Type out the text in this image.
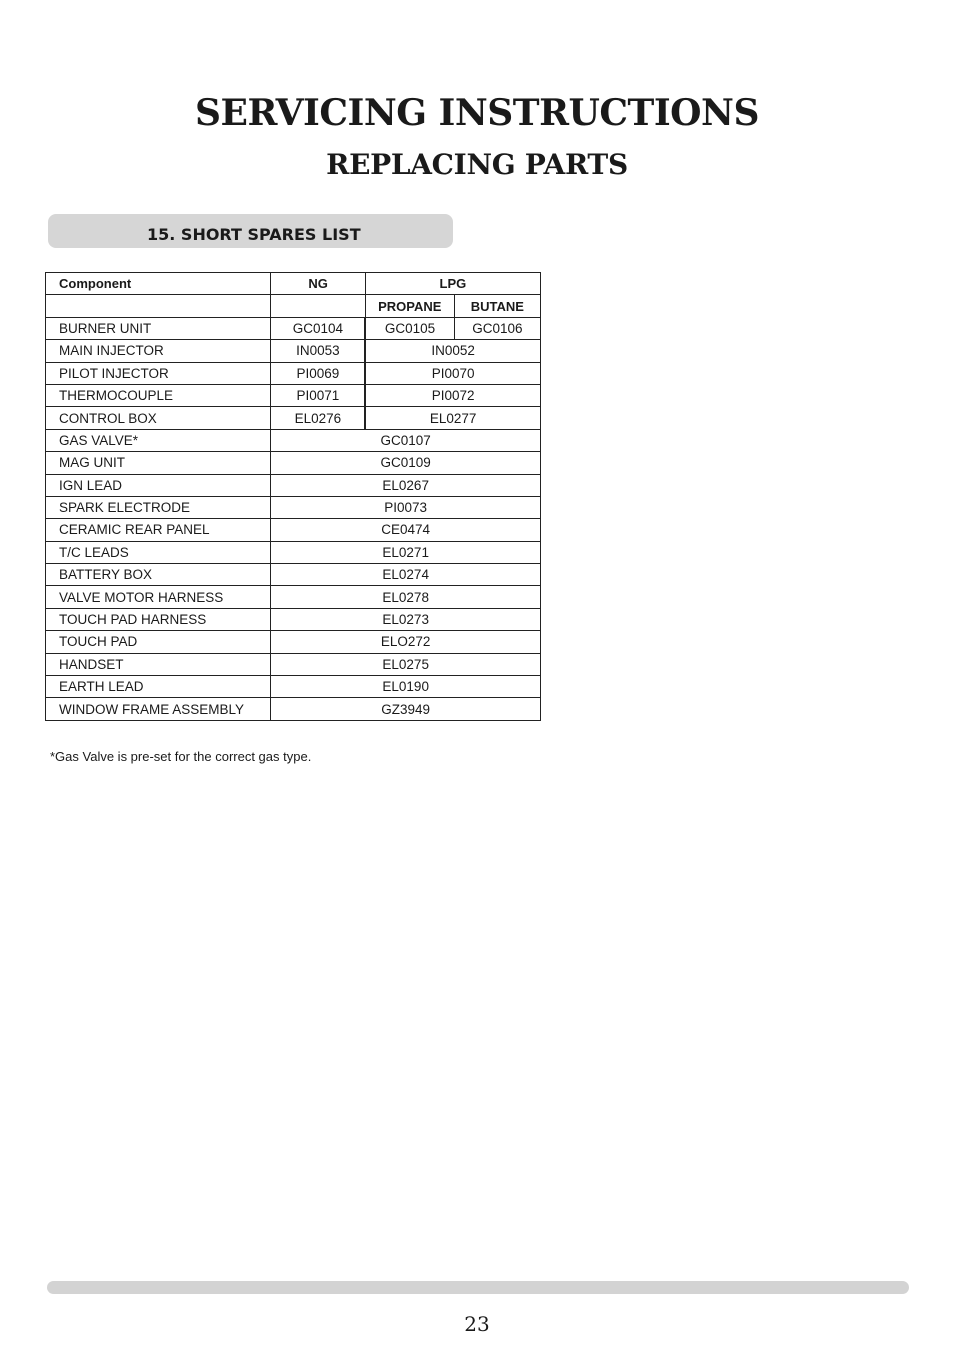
SERVICING INSTRUCTIONS
REPLACING PARTS
15. SHORT SPARES LIST
Component	NG	LPG	
		PROPANE	BUTANE
BURNER UNIT	GC0104	GC0105	GC0106
MAIN INJECTOR	IN0053	IN0052	
PILOT INJECTOR	PI0069	PI0070	
THERMOCOUPLE	PI0071	PI0072	
CONTROL BOX	EL0276	EL0277	
GAS VALVE*	GC0107		
MAG UNIT	GC0109		
IGN LEAD	EL0267		
SPARK ELECTRODE	PI0073		
CERAMIC REAR PANEL	CE0474		
T/C LEADS	EL0271		
BATTERY BOX	EL0274		
VALVE MOTOR HARNESS	EL0278		
TOUCH PAD HARNESS	EL0273		
TOUCH PAD	ELO272		
HANDSET	EL0275		
EARTH LEAD	EL0190		
WINDOW FRAME ASSEMBLY	GZ3949		
*Gas Valve is pre-set for the correct gas type.
23
